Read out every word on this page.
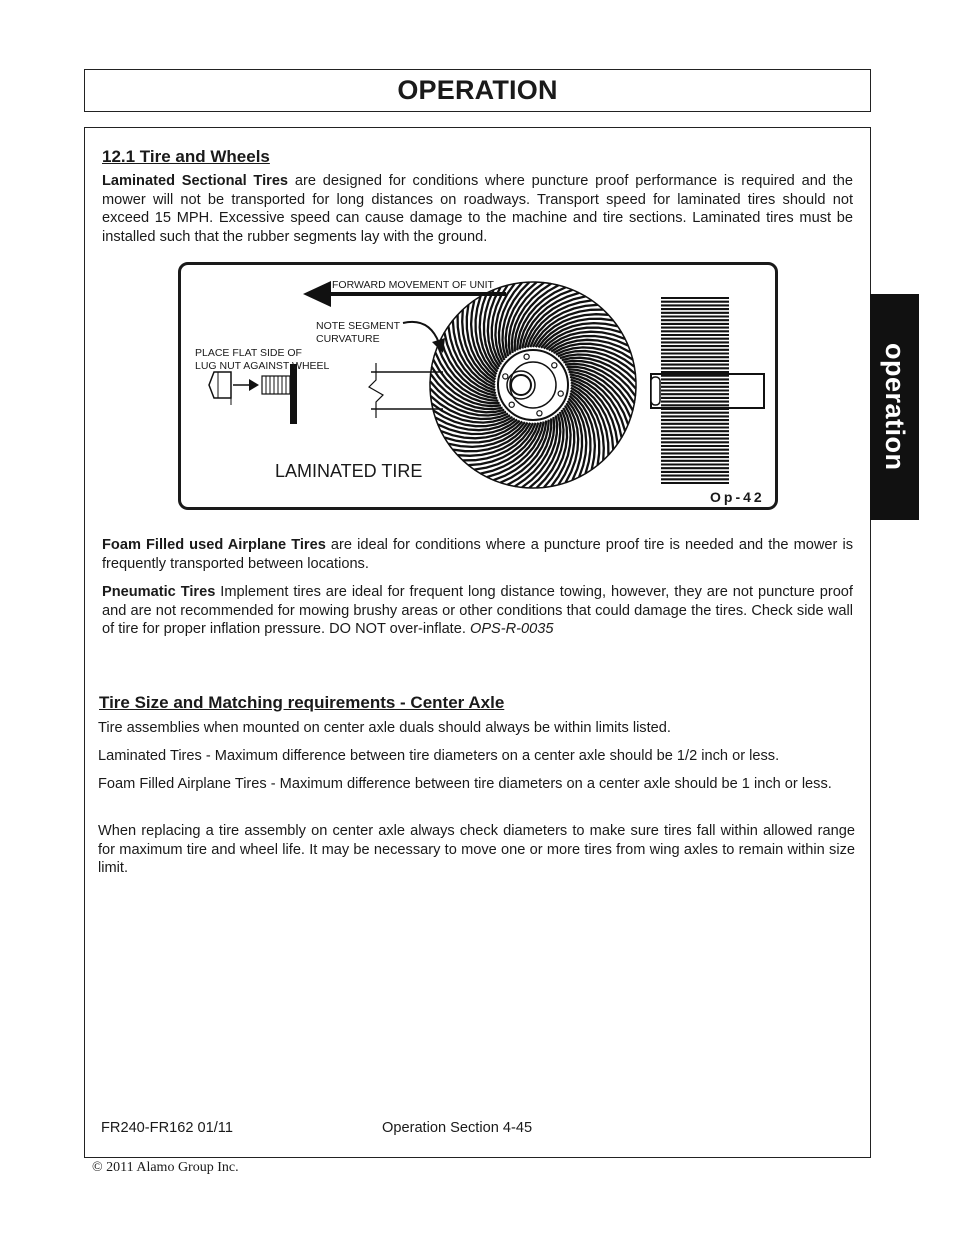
OPERATION
operation
12.1 Tire and Wheels
Laminated Sectional Tires are designed for conditions where puncture proof performance is required and the mower will not be transported for long distances on roadways. Transport speed for laminated tires should not exceed 15 MPH. Excessive speed can cause damage to the machine and tire sections. Laminated tires must be installed such that the rubber segments lay with the ground.
FORWARD MOVEMENT OF UNIT
NOTE SEGMENT
CURVATURE
PLACE FLAT SIDE OF
LUG NUT AGAINST WHEEL
LAMINATED TIRE
Op-42
Foam Filled used Airplane Tires are ideal for conditions where a puncture proof tire is needed and the mower is frequently transported between locations.
Pneumatic Tires Implement tires are ideal for frequent long distance towing, however, they are not puncture proof and are not recommended for mowing brushy areas or other conditions that could damage the tires. Check side wall of tire for proper inflation pressure. DO NOT over-inflate. OPS-R-0035
Tire Size and Matching requirements - Center Axle
Tire assemblies when mounted on center axle duals should always be within limits listed.
Laminated Tires - Maximum difference between tire diameters on a center axle should be 1/2 inch or less.
Foam Filled Airplane Tires - Maximum difference between tire diameters on a center axle should be 1 inch or less.
When replacing a tire assembly on center axle always check diameters to make sure tires fall within allowed range for maximum tire and wheel life. It may be necessary to move one or more tires from wing axles to remain within size limit.
FR240-FR162 01/11	Operation Section 4-45
© 2011 Alamo Group Inc.
